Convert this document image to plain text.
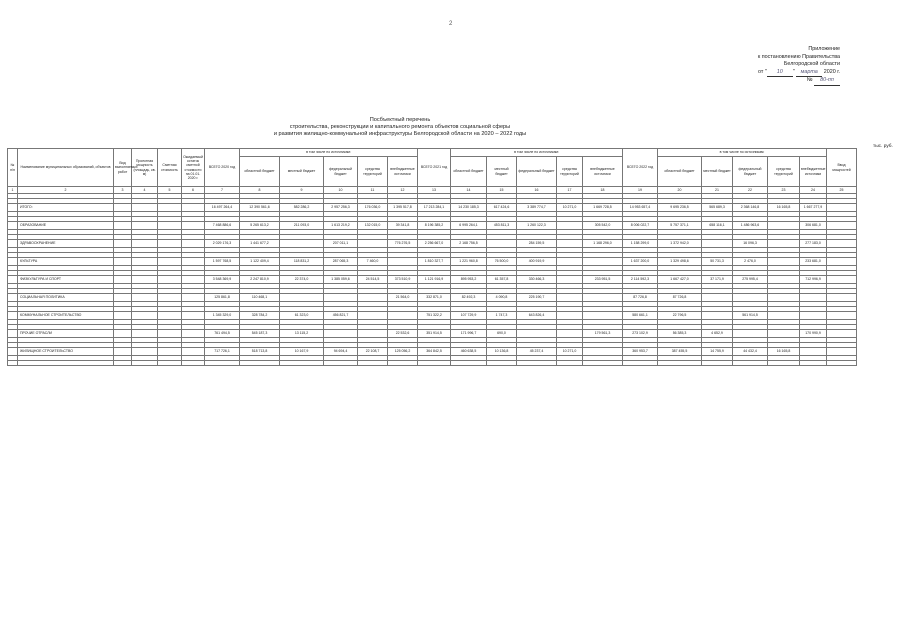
2
Приложение
к постановлению Правительства
Белгородской области
от " 10 " марта 2020 г.
№ 80-пп
Посбъектный перечень
строительства, реконструкции и капитального ремонта объектов социальной сферы
и развития жилищно-коммунальной инфраструктуры Белгородской области на 2020 – 2022 годы
тыс. руб.
№ п/п	Наименование муниципальных образований, объектов	Вид выполняемых работ	Проектная мощность (площадь, кв. м)	Сметная стоимость	Ожидаемый остаток сметной стоимости на 01.01. 2020 г.	ВСЕГО 2020 год	в том числе по источникам:					ВСЕГО 2021 год	в том числе по источникам:					ВСЕГО 2022 год	в том числе по источникам:					Ввод мощностей
							областной бюджет	местный бюджет	федеральный бюджет	средства территорий	внебюджетные источники		областной бюджет	местный бюджет	федеральный бюджет	средства территорий	внебюджетные источники		областной бюджет	местный бюджет	федеральный бюджет	средства территорий	внебюджетные источники	
1	2	3	4	5	6	7	8	9	10	11	12	13	14	15	16	17	18	19	20	21	22	23	24	25

	ИТОГО:					16 497 264,4	12 390 561,6	582 286,2	2 957 256,3	176 036,0	1 395 517,8	17 213 284,1	14 230 185,3	617 424,6	3 389 774,7	10 271,0	1 669 728,5	14 953 657,4	9 695 236,5	565 689,3	2 368 146,8	16 165,8	1 667 277,9	

	ОБРАЗОВАНИЕ					7 468 886,6	5 265 613,2	211 093,0	1 613 219,2	132 015,0	39 341,8	8 196 385,2	6 995 264,1	453 811,3	1 260 122,3		305 542,0	8 006 022,7	5 757 371,1	658 116,1	1 486 963,6		306 681,0	

	ЗДРАВООХРАНЕНИЕ					2 029 176,3	1 441 677,2		207 011,1		776 276,5	2 256 667,0	2 168 756,5		284 159,5		1 168 296,0	1 158 299,0	1 372 942,0		16 096,3		277 183,0	

	КУЛЬТУРА					1 597 768,5	1 122 409,4	118 831,2	287 065,3	7 460,0		1 810 327,7	1 221 960,8	76 500,0	400 919,9			1 637 200,0	1 329 498,6	50 731,3	2 476,0		233 681,0	

	ФИЗКУЛЬТУРА И СПОРТ					3 548 369,9	2 247 810,9	22 374,0	1 385 059,6	24 514,5	373 510,9	1 121 916,9	895 953,2	61 357,8	330 466,3		233 951,5	2 114 592,3	1 667 427,0	37 171,9	275 995,4		712 996,9	

	СОЦИАЛЬНАЯ ПОЛИТИКА					125 861,8	110 468,1				21 564,0	332 871,0	82 492,3	4 090,8	225 190,7			87 726,8	87 726,8					

	КОММУНАЛЬНОЕ СТРОИТЕЛЬСТВО					1 345 329,0	328 784,2	61 323,0	456 821,7			751 322,2	107 729,9	1 747,3	643 826,4			580 661,1	22 796,5		561 914,5			

	ПРОЧИЕ ОТРАСЛИ					761 494,5	545 187,3	13 115,2			22 532,6	351 914,5	171 996,7	690,0			179 561,3	273 102,9	56 385,3	4 652,9			170 990,9	

	ЖИЛИЩНОЕ СТРОИТЕЛЬСТВО					717 726,1	518 713,8	10 167,9	94 694,4	22 108,7	125 056,2	364 842,5	460 638,5	10 136,8	45 237,4	10 271,0		360 953,7	387 455,5	14 755,9	44 432,4	16 165,8		
